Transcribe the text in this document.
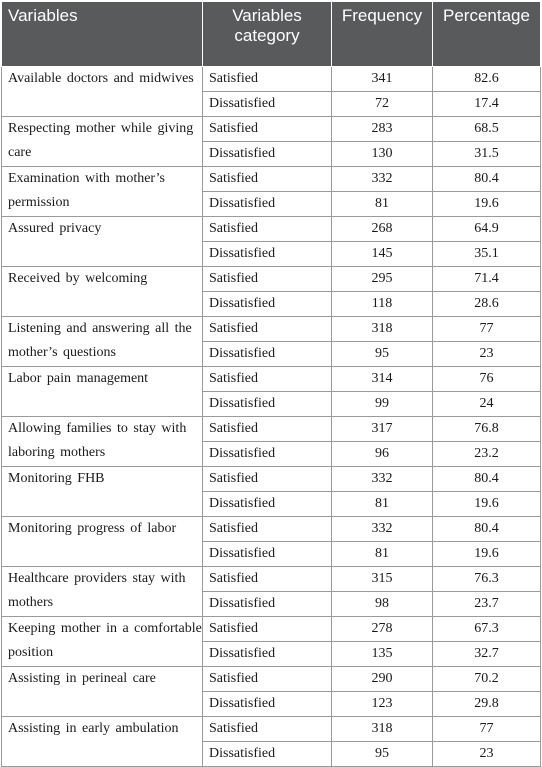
Variables	Variables category	Frequency	Percentage
Available doctors and midwives	Satisfied	341	82.6
	Dissatisfied	72	17.4
Respecting mother while giving care	Satisfied	283	68.5
	Dissatisfied	130	31.5
Examination with mother’s permission	Satisfied	332	80.4
	Dissatisfied	81	19.6
Assured privacy	Satisfied	268	64.9
	Dissatisfied	145	35.1
Received by welcoming	Satisfied	295	71.4
	Dissatisfied	118	28.6
Listening and answering all the mother’s questions	Satisfied	318	77
	Dissatisfied	95	23
Labor pain management	Satisfied	314	76
	Dissatisfied	99	24
Allowing families to stay with laboring mothers	Satisfied	317	76.8
	Dissatisfied	96	23.2
Monitoring FHB	Satisfied	332	80.4
	Dissatisfied	81	19.6
Monitoring progress of labor	Satisfied	332	80.4
	Dissatisfied	81	19.6
Healthcare providers stay with mothers	Satisfied	315	76.3
	Dissatisfied	98	23.7
Keeping mother in a comfortable position	Satisfied	278	67.3
	Dissatisfied	135	32.7
Assisting in perineal care	Satisfied	290	70.2
	Dissatisfied	123	29.8
Assisting in early ambulation	Satisfied	318	77
	Dissatisfied	95	23
